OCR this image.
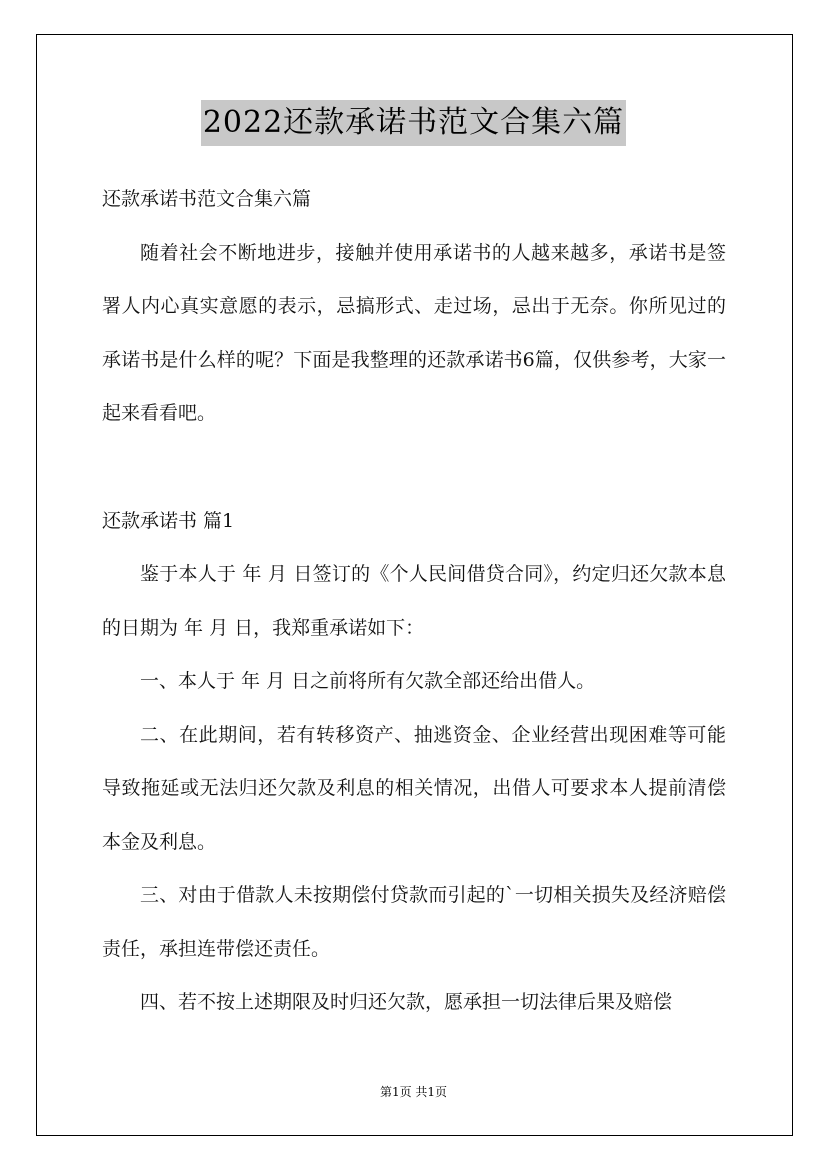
2022还款承诺书范文合集六篇

还款承诺书范文合集六篇

随着社会不断地进步，接触并使用承诺书的人越来越多，承诺书是签署人内心真实意愿的表示，忌搞形式、走过场，忌出于无奈。你所见过的承诺书是什么样的呢？下面是我整理的还款承诺书6篇，仅供参考，大家一起来看看吧。

还款承诺书 篇1

鉴于本人于 年 月 日签订的《个人民间借贷合同》，约定归还欠款本息的日期为 年 月 日，我郑重承诺如下：

一、本人于 年 月 日之前将所有欠款全部还给出借人。

二、在此期间，若有转移资产、抽逃资金、企业经营出现困难等可能导致拖延或无法归还欠款及利息的相关情况，出借人可要求本人提前清偿本金及利息。

三、对由于借款人未按期偿付贷款而引起的`一切相关损失及经济赔偿责任，承担连带偿还责任。

四、若不按上述期限及时归还欠款，愿承担一切法律后果及赔偿

第1页 共1页
